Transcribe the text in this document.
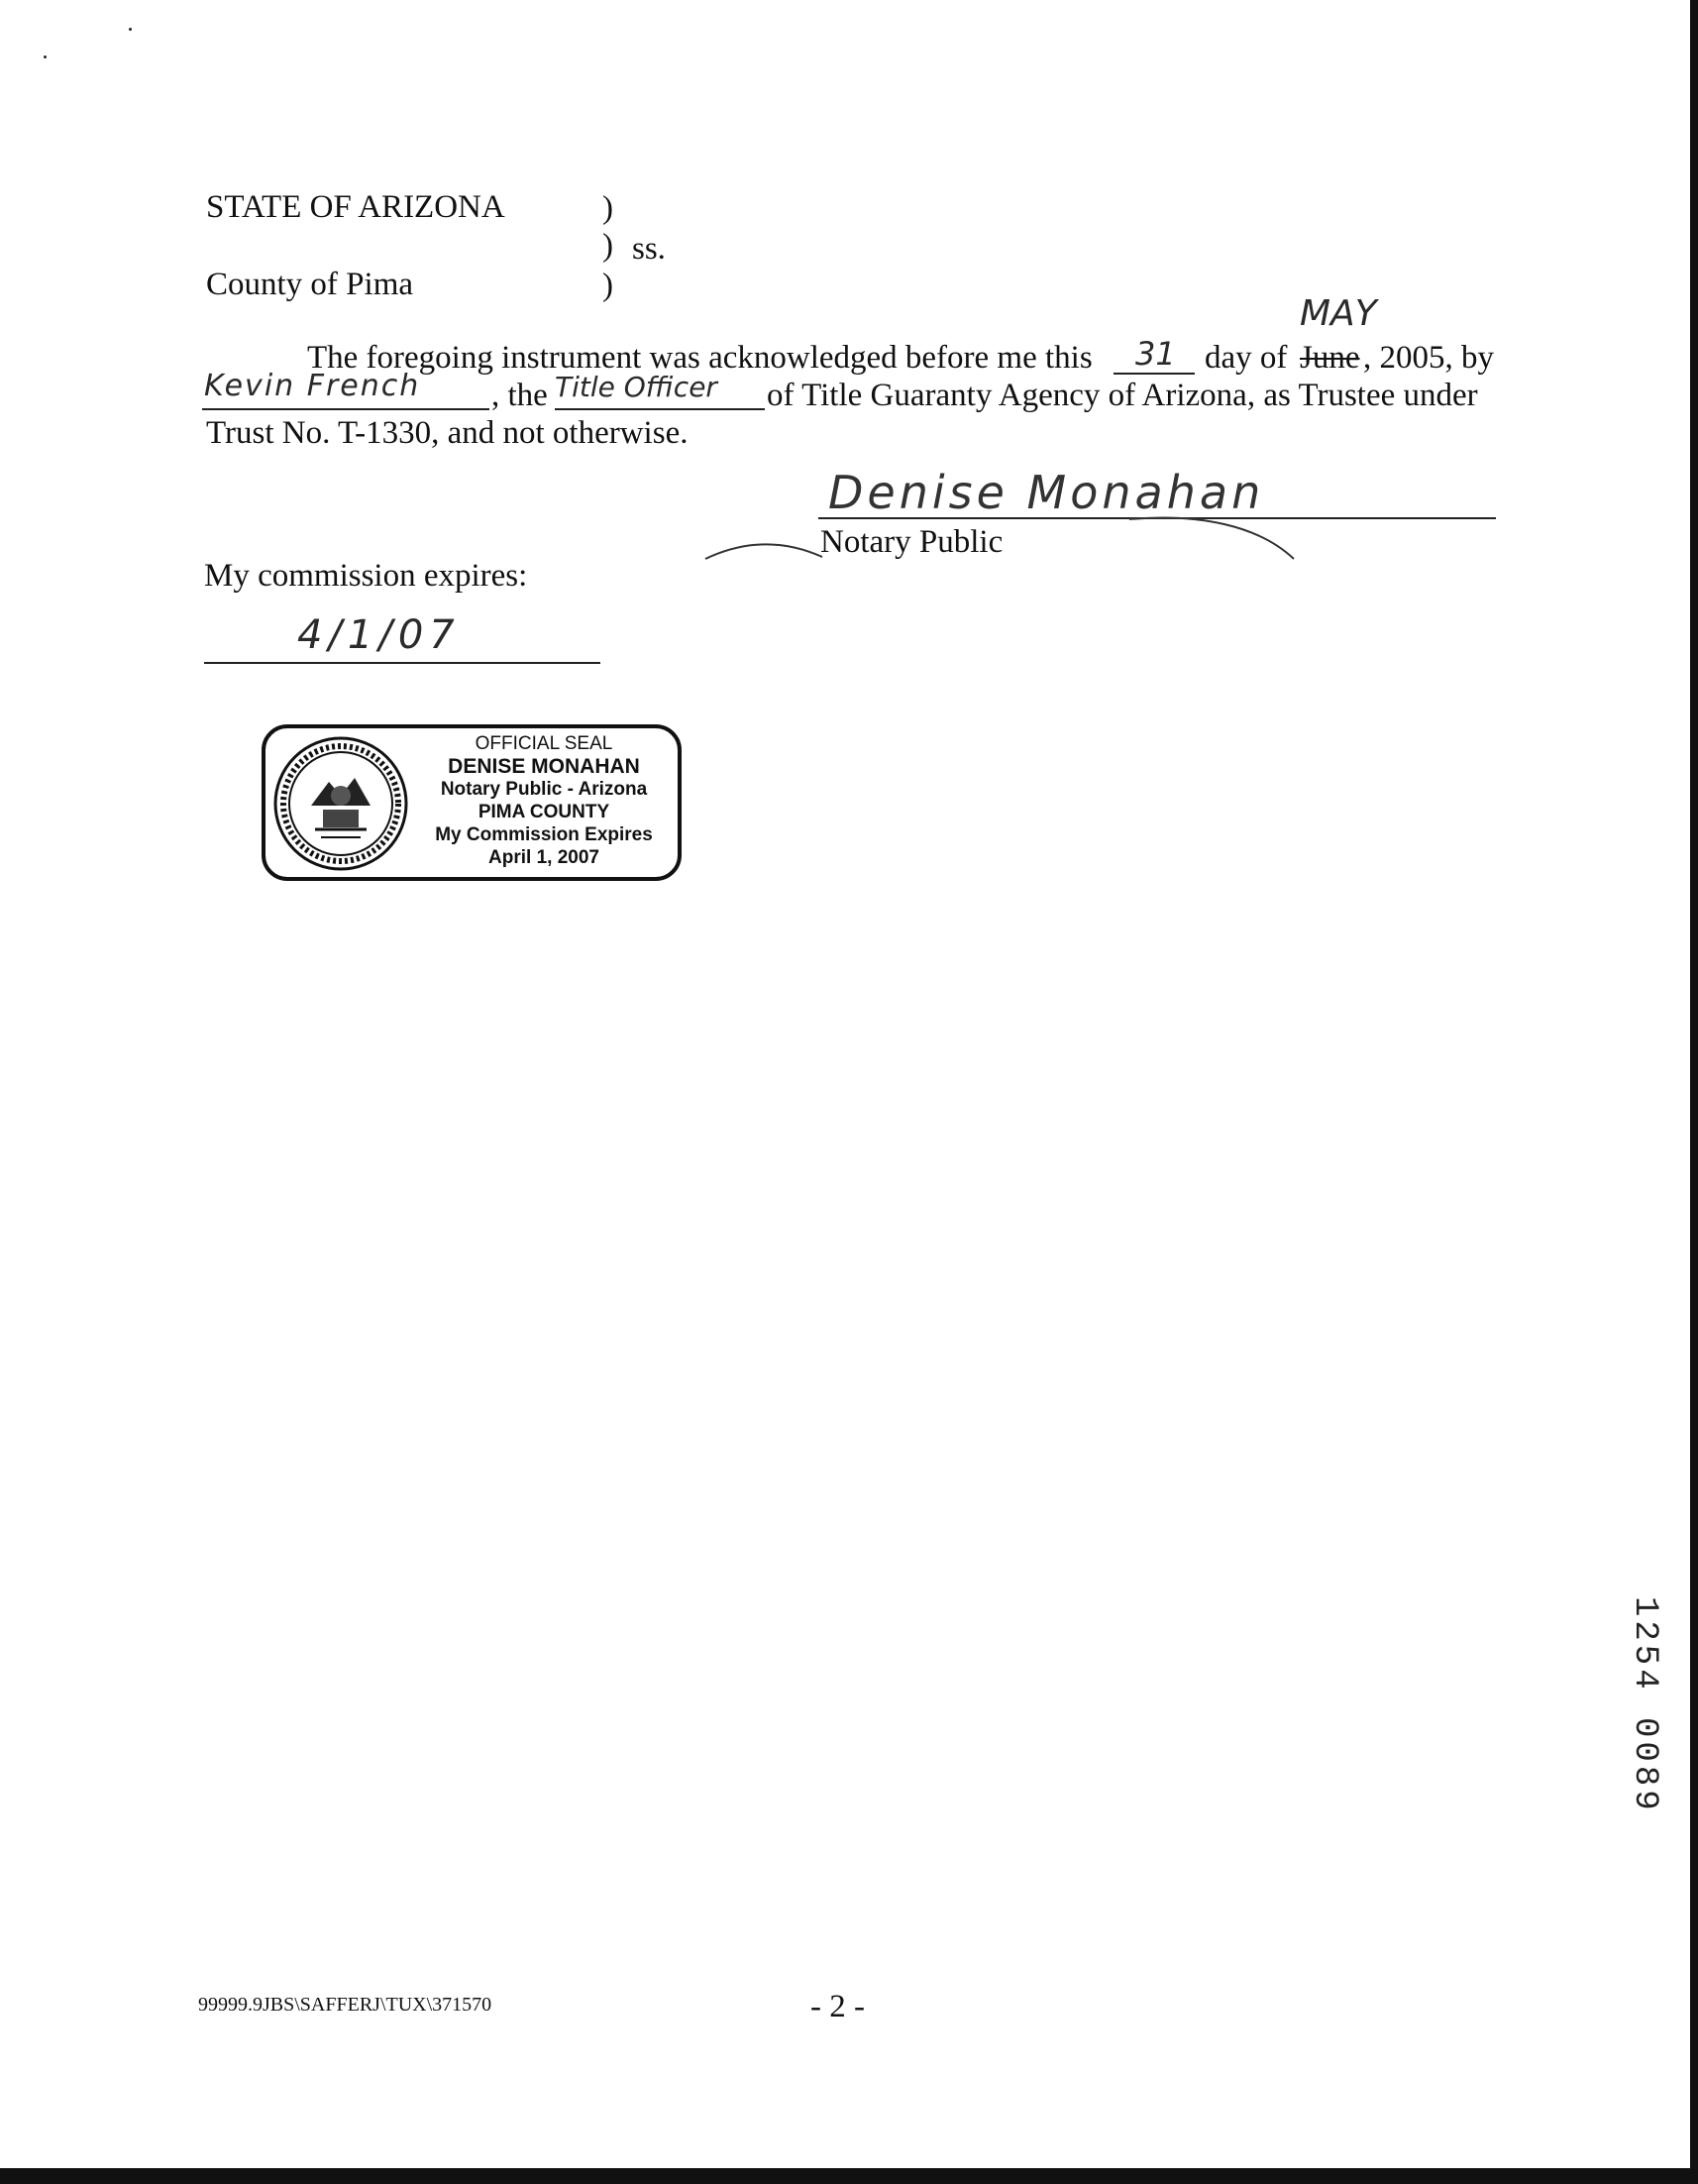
STATE OF ARIZONA	)
) ss.
County of Pima	)
MAY
The foregoing instrument was acknowledged before me this 31 day of June , 2005, by
Kevin French , the Title Officer of Title Guaranty Agency of Arizona, as Trustee under
Trust No. T-1330, and not otherwise.
Denise Monahan
Notary Public
My commission expires:
4/1/07
OFFICIAL SEAL
DENISE MONAHAN
Notary Public - Arizona
PIMA COUNTY
My Commission Expires
April 1, 2007
1254 0089
99999.9JBS\SAFFERJ\TUX\371570	- 2 -
